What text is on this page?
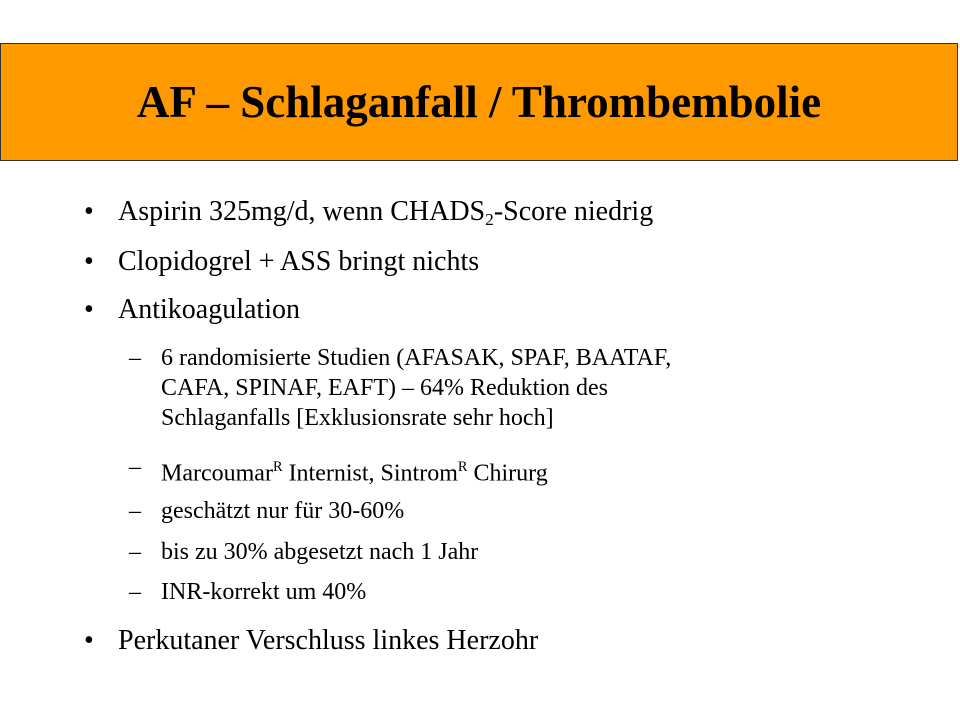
AF – Schlaganfall / Thrombembolie
• Aspirin 325mg/d, wenn $CHADS_2$-Score niedrig
• Clopidogrel + ASS bringt nichts
• Antikoagulation
– 6 randomisierte Studien (AFASAK, SPAF, BAATAF,
CAFA, SPINAF, EAFT) – 64% Reduktion des
Schlaganfalls [Exklusionsrate sehr hoch]
– Marcoumar$^R$ Internist, Sintrom$^R$ Chirurg
– geschätzt nur für 30-60%
– bis zu 30% abgesetzt nach 1 Jahr
– INR-korrekt um 40%
• Perkutaner Verschluss linkes Herzohr
